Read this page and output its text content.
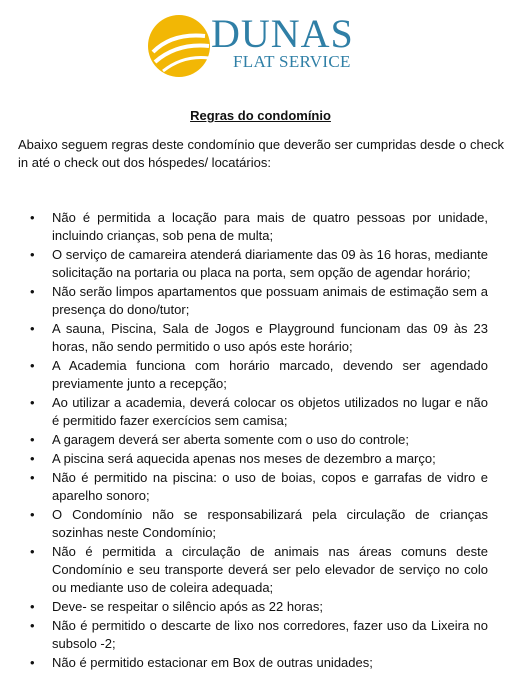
DUNAS
FLAT SERVICE
Regras do condomínio
Abaixo seguem regras deste condomínio que deverão ser cumpridas desde o check in até o check out dos hóspedes/ locatários:
• Não é permitida a locação para mais de quatro pessoas por unidade, incluindo crianças, sob pena de multa;
• O serviço de camareira atenderá diariamente das 09 às 16 horas, mediante solicitação na portaria ou placa na porta, sem opção de agendar horário;
• Não serão limpos apartamentos que possuam animais de estimação sem a presença do dono/tutor;
• A sauna, Piscina, Sala de Jogos e Playground funcionam das 09 às 23 horas, não sendo permitido o uso após este horário;
• A Academia funciona com horário marcado, devendo ser agendado previamente junto a recepção;
• Ao utilizar a academia, deverá colocar os objetos utilizados no lugar e não é permitido fazer exercícios sem camisa;
• A garagem deverá ser aberta somente com o uso do controle;
• A piscina será aquecida apenas nos meses de dezembro a março;
• Não é permitido na piscina: o uso de boias, copos e garrafas de vidro e aparelho sonoro;
• O Condomínio não se responsabilizará pela circulação de crianças sozinhas neste Condomínio;
• Não é permitida a circulação de animais nas áreas comuns deste Condomínio e seu transporte deverá ser pelo elevador de serviço no colo ou mediante uso de coleira adequada;
• Deve- se respeitar o silêncio após as 22 horas;
• Não é permitido o descarte de lixo nos corredores, fazer uso da Lixeira no subsolo -2;
• Não é permitido estacionar em Box de outras unidades;
